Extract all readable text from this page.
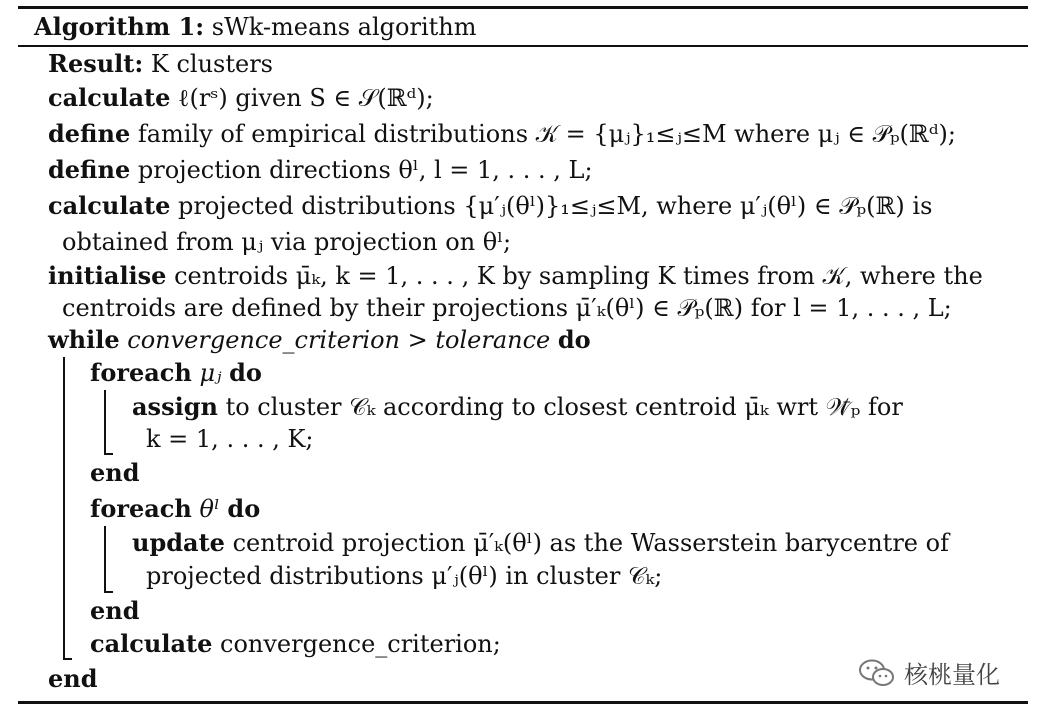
Algorithm 1: sWk-means algorithm
Result: K clusters
calculate ℓ(rˢ) given S ∈ 𝒮(ℝᵈ);
define family of empirical distributions 𝒦 = {μⱼ}₁≤ⱼ≤M where μⱼ ∈ 𝒫ₚ(ℝᵈ);
define projection directions θˡ, l = 1, . . . , L;
calculate projected distributions {μ′ⱼ(θˡ)}₁≤ⱼ≤M, where μ′ⱼ(θˡ) ∈ 𝒫ₚ(ℝ) is
obtained from μⱼ via projection on θˡ;
initialise centroids μ̄ₖ, k = 1, . . . , K by sampling K times from 𝒦, where the
centroids are defined by their projections μ̄′ₖ(θˡ) ∈ 𝒫ₚ(ℝ) for l = 1, . . . , L;
while convergence_criterion > tolerance do
foreach μⱼ do
assign to cluster 𝒞ₖ according to closest centroid μ̄ₖ wrt 𝒲̄ₚ for
k = 1, . . . , K;
end
foreach θˡ do
update centroid projection μ̄′ₖ(θˡ) as the Wasserstein barycentre of
projected distributions μ′ⱼ(θˡ) in cluster 𝒞ₖ;
end
calculate convergence_criterion;
end	核桃量化
